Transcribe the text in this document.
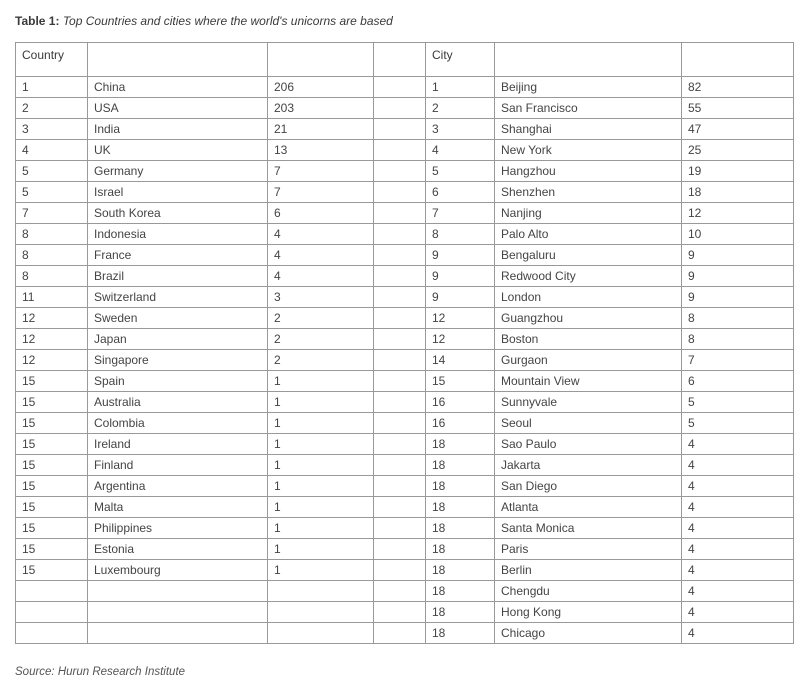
Table 1: Top Countries and cities where the world's unicorns are based
Country				City		
1	China	206		1	Beijing	82
2	USA	203		2	San Francisco	55
3	India	21		3	Shanghai	47
4	UK	13		4	New York	25
5	Germany	7		5	Hangzhou	19
5	Israel	7		6	Shenzhen	18
7	South Korea	6		7	Nanjing	12
8	Indonesia	4		8	Palo Alto	10
8	France	4		9	Bengaluru	9
8	Brazil	4		9	Redwood City	9
11	Switzerland	3		9	London	9
12	Sweden	2		12	Guangzhou	8
12	Japan	2		12	Boston	8
12	Singapore	2		14	Gurgaon	7
15	Spain	1		15	Mountain View	6
15	Australia	1		16	Sunnyvale	5
15	Colombia	1		16	Seoul	5
15	Ireland	1		18	Sao Paulo	4
15	Finland	1		18	Jakarta	4
15	Argentina	1		18	San Diego	4
15	Malta	1		18	Atlanta	4
15	Philippines	1		18	Santa Monica	4
15	Estonia	1		18	Paris	4
15	Luxembourg	1		18	Berlin	4
				18	Chengdu	4
				18	Hong Kong	4
				18	Chicago	4
Source: Hurun Research Institute
